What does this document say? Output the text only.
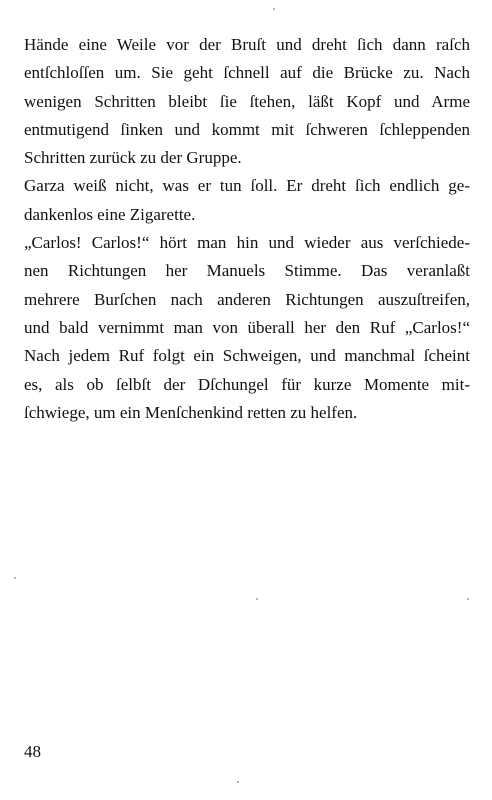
Hände eine Weile vor der Bruſt und dreht ſich dann raſch
entſchloſſen um. Sie geht ſchnell auf die Brücke zu. Nach
wenigen Schritten bleibt ſie ſtehen, läßt Kopf und Arme
entmutigend ſinken und kommt mit ſchweren ſchleppenden
Schritten zurück zu der Gruppe.
Garza weiß nicht, was er tun ſoll. Er dreht ſich endlich ge-
dankenlos eine Zigarette.
„Carlos! Carlos!“ hört man hin und wieder aus verſchiede-
nen Richtungen her Manuels Stimme. Das veranlaßt
mehrere Burſchen nach anderen Richtungen auszuſtreifen,
und bald vernimmt man von überall her den Ruf „Carlos!“
Nach jedem Ruf folgt ein Schweigen, und manchmal ſcheint
es, als ob ſelbſt der Dſchungel für kurze Momente mit-
ſchwiege, um ein Menſchenkind retten zu helfen.
48
